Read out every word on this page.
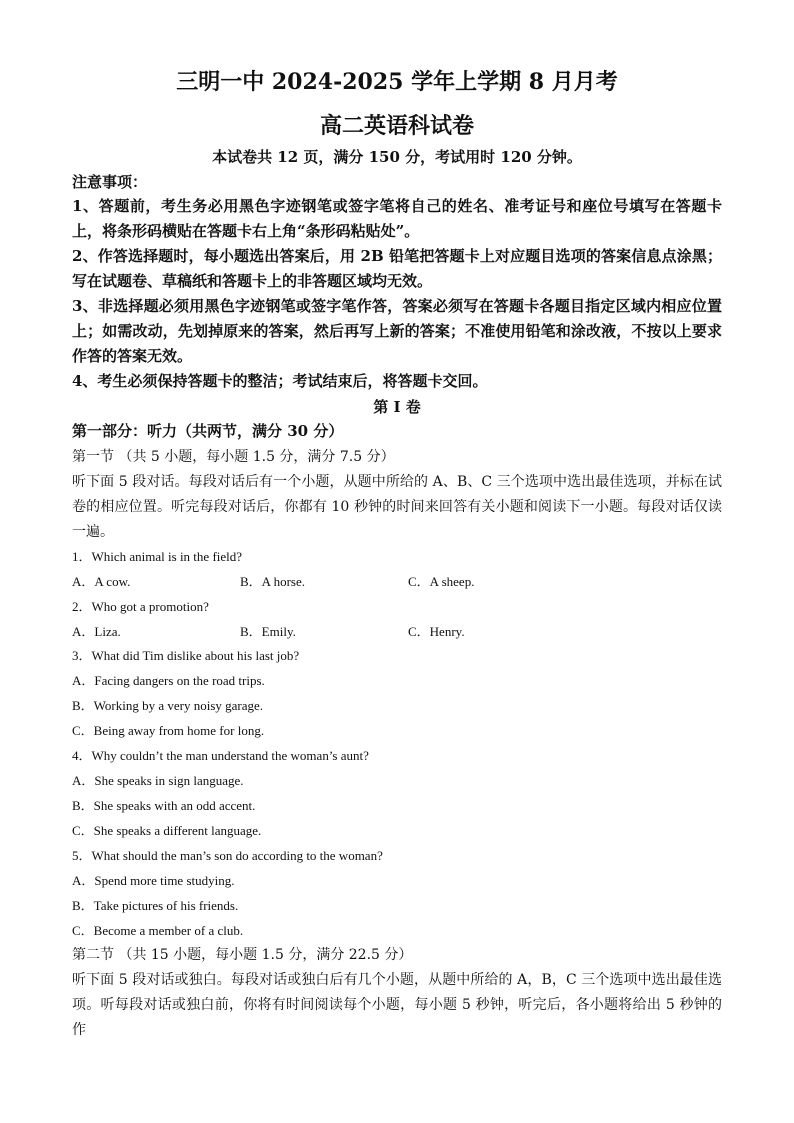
三明一中 2024-2025 学年上学期 8 月月考
高二英语科试卷
本试卷共 12 页，满分 150 分，考试用时 120 分钟。
注意事项：
1、答题前，考生务必用黑色字迹钢笔或签字笔将自己的姓名、准考证号和座位号填写在答题卡上，将条形码横贴在答题卡右上角“条形码粘贴处”。
2、作答选择题时，每小题选出答案后，用 2B 铅笔把答题卡上对应题目选项的答案信息点涂黑；写在试题卷、草稿纸和答题卡上的非答题区域均无效。
3、非选择题必须用黑色字迹钢笔或签字笔作答，答案必须写在答题卡各题目指定区域内相应位置上；如需改动，先划掉原来的答案，然后再写上新的答案；不准使用铅笔和涂改液，不按以上要求作答的答案无效。
4、考生必须保持答题卡的整洁；考试结束后，将答题卡交回。
第 I 卷
第一部分：听力（共两节，满分 30 分）
第一节 （共 5 小题，每小题 1.5 分，满分 7.5 分）
听下面 5 段对话。每段对话后有一个小题，从题中所给的 A、B、C 三个选项中选出最佳选项，并标在试卷的相应位置。听完每段对话后，你都有 10 秒钟的时间来回答有关小题和阅读下一小题。每段对话仅读一遍。
1．Which animal is in the field?
A．A cow.	B．A horse.	C．A sheep.
2．Who got a promotion?
A．Liza.	B．Emily.	C．Henry.
3．What did Tim dislike about his last job?
A．Facing dangers on the road trips.
B．Working by a very noisy garage.
C．Being away from home for long.
4．Why couldn’t the man understand the woman’s aunt?
A．She speaks in sign language.
B．She speaks with an odd accent.
C．She speaks a different language.
5．What should the man’s son do according to the woman?
A．Spend more time studying.
B．Take pictures of his friends.
C．Become a member of a club.
第二节 （共 15 小题，每小题 1.5 分，满分 22.5 分）
听下面 5 段对话或独白。每段对话或独白后有几个小题，从题中所给的 A，B，C 三个选项中选出最佳选项。听每段对话或独白前，你将有时间阅读每个小题，每小题 5 秒钟，听完后，各小题将给出 5 秒钟的作
